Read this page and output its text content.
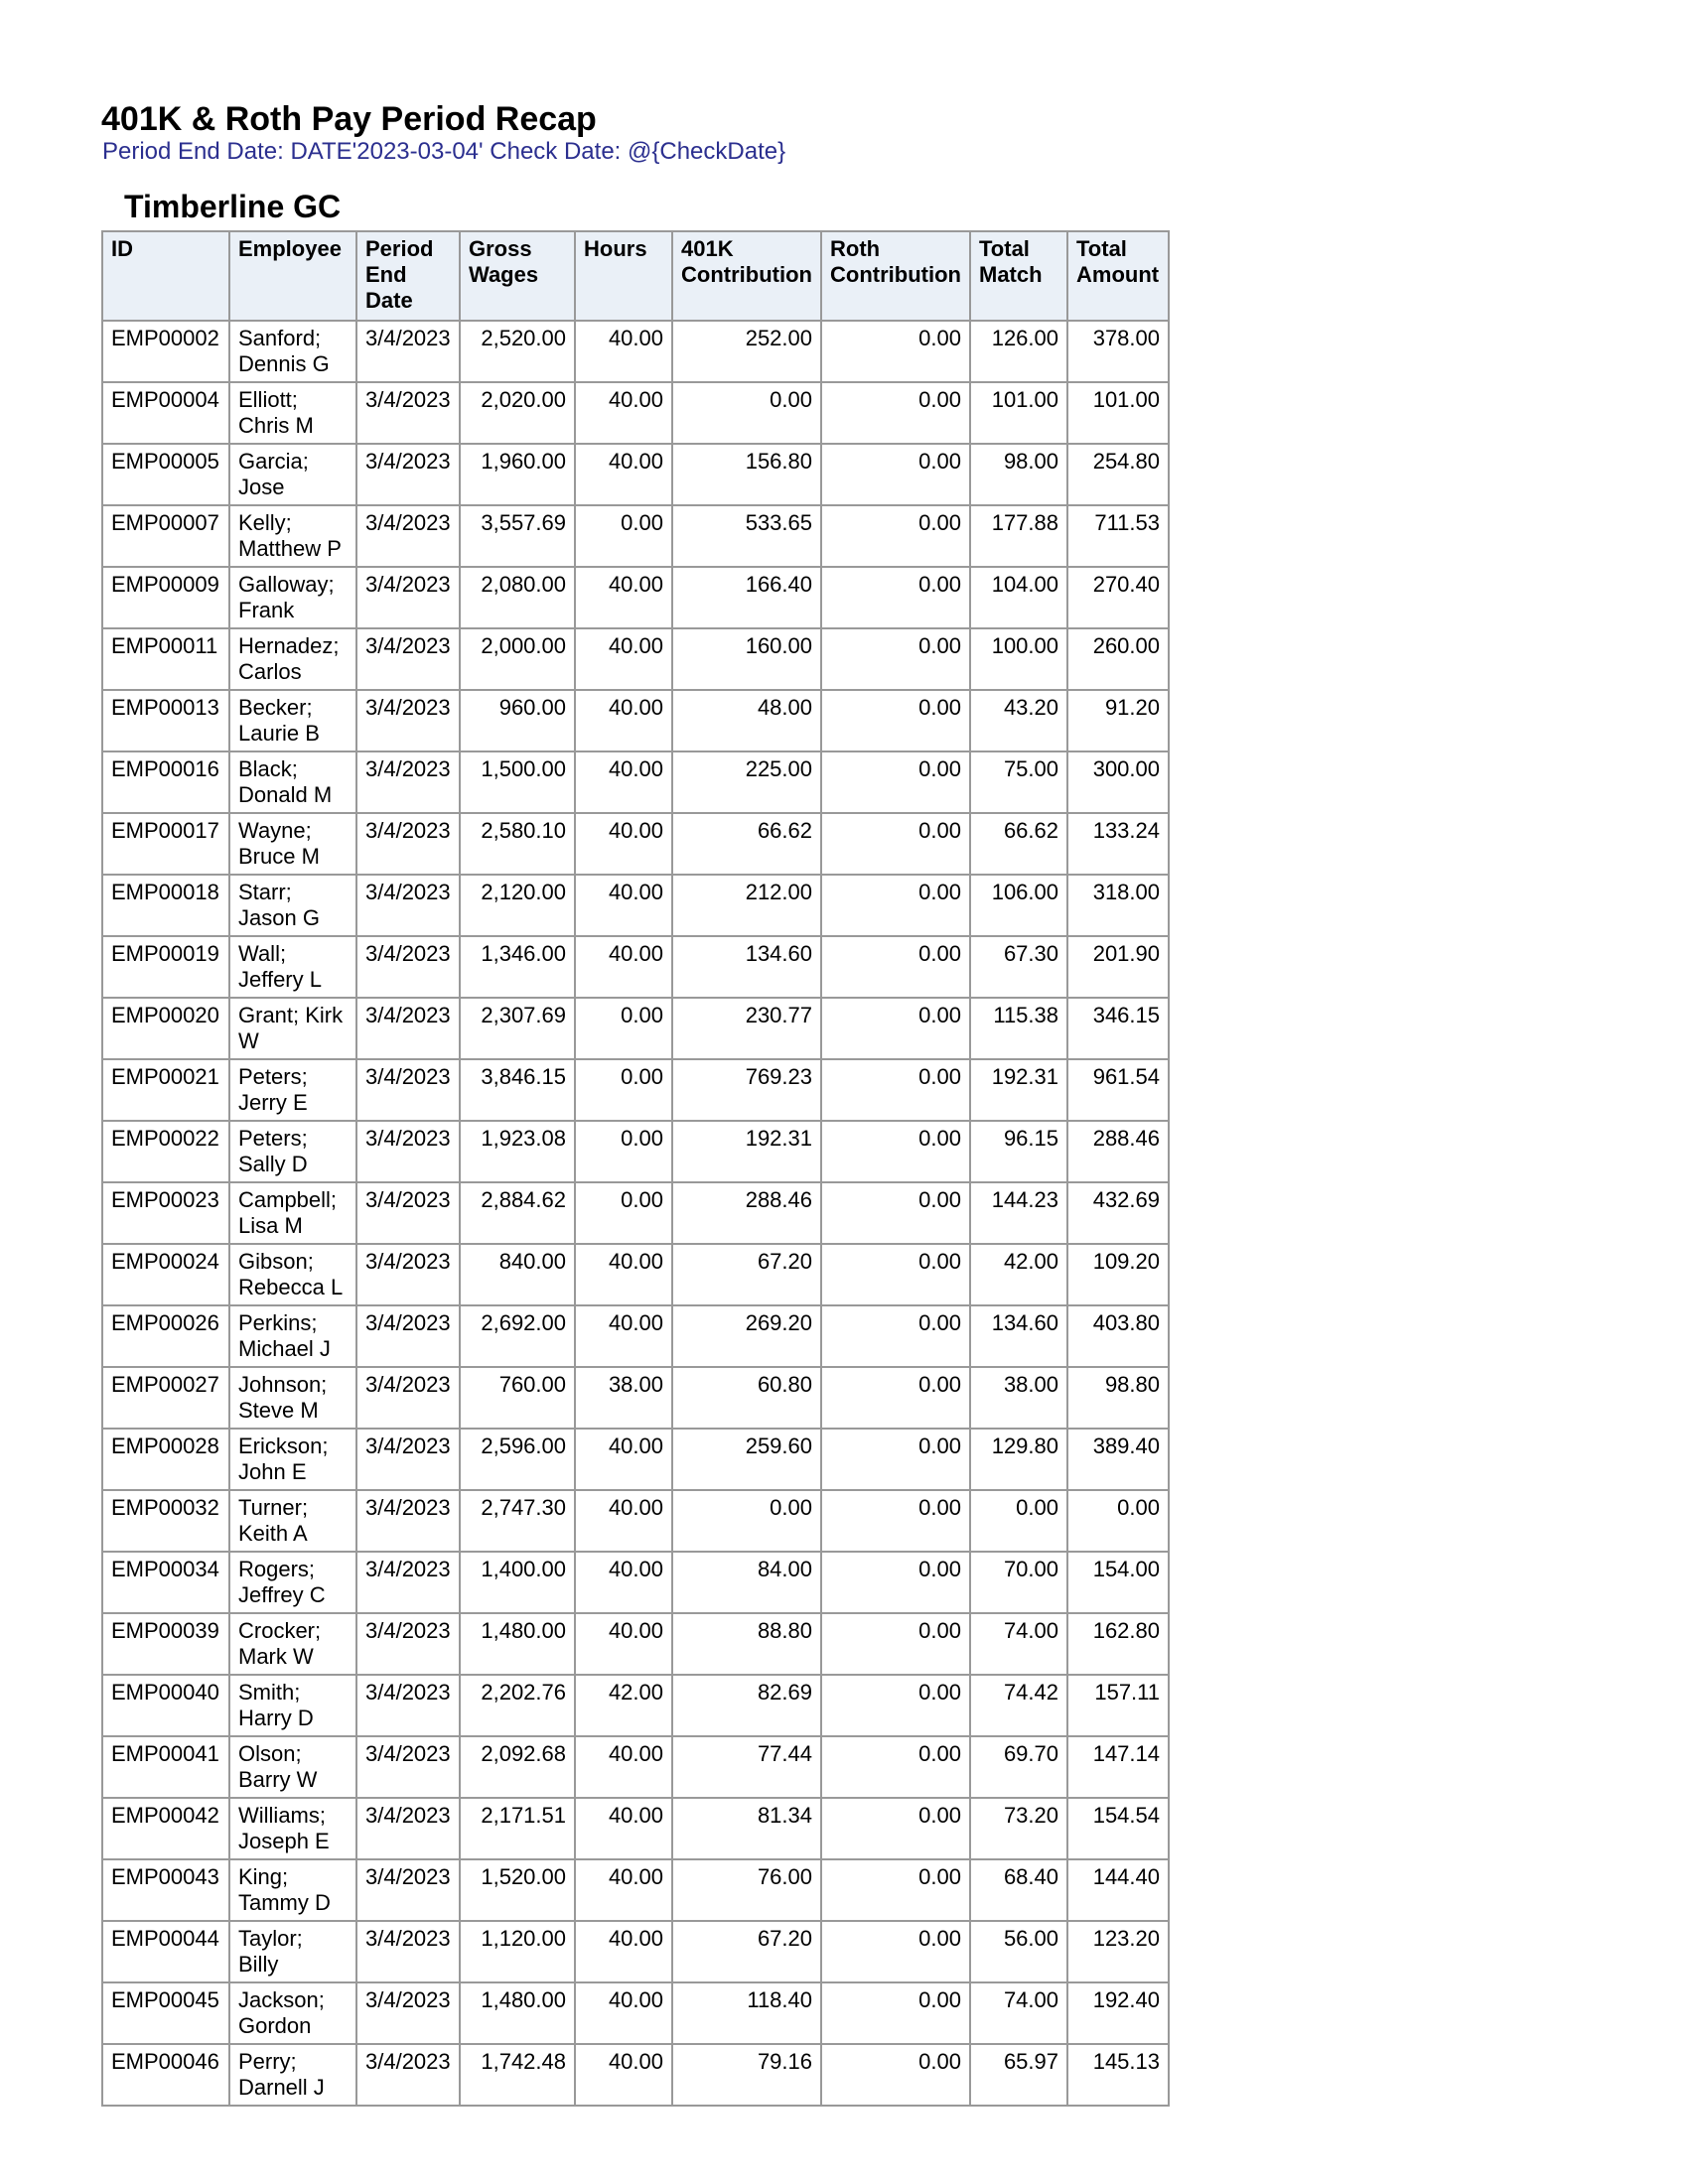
401K & Roth Pay Period Recap
Period End Date: DATE'2023-03-04' Check Date: @{CheckDate}
Timberline GC
ID	Employee	Period End Date	Gross Wages	Hours	401K Contribution	Roth Contribution	Total Match	Total Amount
EMP00002	Sanford; Dennis G	3/4/2023	2,520.00	40.00	252.00	0.00	126.00	378.00
EMP00004	Elliott; Chris M	3/4/2023	2,020.00	40.00	0.00	0.00	101.00	101.00
EMP00005	Garcia; Jose	3/4/2023	1,960.00	40.00	156.80	0.00	98.00	254.80
EMP00007	Kelly; Matthew P	3/4/2023	3,557.69	0.00	533.65	0.00	177.88	711.53
EMP00009	Galloway; Frank	3/4/2023	2,080.00	40.00	166.40	0.00	104.00	270.40
EMP00011	Hernadez; Carlos	3/4/2023	2,000.00	40.00	160.00	0.00	100.00	260.00
EMP00013	Becker; Laurie B	3/4/2023	960.00	40.00	48.00	0.00	43.20	91.20
EMP00016	Black; Donald M	3/4/2023	1,500.00	40.00	225.00	0.00	75.00	300.00
EMP00017	Wayne; Bruce M	3/4/2023	2,580.10	40.00	66.62	0.00	66.62	133.24
EMP00018	Starr; Jason G	3/4/2023	2,120.00	40.00	212.00	0.00	106.00	318.00
EMP00019	Wall; Jeffery L	3/4/2023	1,346.00	40.00	134.60	0.00	67.30	201.90
EMP00020	Grant; Kirk W	3/4/2023	2,307.69	0.00	230.77	0.00	115.38	346.15
EMP00021	Peters; Jerry E	3/4/2023	3,846.15	0.00	769.23	0.00	192.31	961.54
EMP00022	Peters; Sally D	3/4/2023	1,923.08	0.00	192.31	0.00	96.15	288.46
EMP00023	Campbell; Lisa M	3/4/2023	2,884.62	0.00	288.46	0.00	144.23	432.69
EMP00024	Gibson; Rebecca L	3/4/2023	840.00	40.00	67.20	0.00	42.00	109.20
EMP00026	Perkins; Michael J	3/4/2023	2,692.00	40.00	269.20	0.00	134.60	403.80
EMP00027	Johnson; Steve M	3/4/2023	760.00	38.00	60.80	0.00	38.00	98.80
EMP00028	Erickson; John E	3/4/2023	2,596.00	40.00	259.60	0.00	129.80	389.40
EMP00032	Turner; Keith A	3/4/2023	2,747.30	40.00	0.00	0.00	0.00	0.00
EMP00034	Rogers; Jeffrey C	3/4/2023	1,400.00	40.00	84.00	0.00	70.00	154.00
EMP00039	Crocker; Mark W	3/4/2023	1,480.00	40.00	88.80	0.00	74.00	162.80
EMP00040	Smith; Harry D	3/4/2023	2,202.76	42.00	82.69	0.00	74.42	157.11
EMP00041	Olson; Barry W	3/4/2023	2,092.68	40.00	77.44	0.00	69.70	147.14
EMP00042	Williams; Joseph E	3/4/2023	2,171.51	40.00	81.34	0.00	73.20	154.54
EMP00043	King; Tammy D	3/4/2023	1,520.00	40.00	76.00	0.00	68.40	144.40
EMP00044	Taylor; Billy	3/4/2023	1,120.00	40.00	67.20	0.00	56.00	123.20
EMP00045	Jackson; Gordon	3/4/2023	1,480.00	40.00	118.40	0.00	74.00	192.40
EMP00046	Perry; Darnell J	3/4/2023	1,742.48	40.00	79.16	0.00	65.97	145.13
